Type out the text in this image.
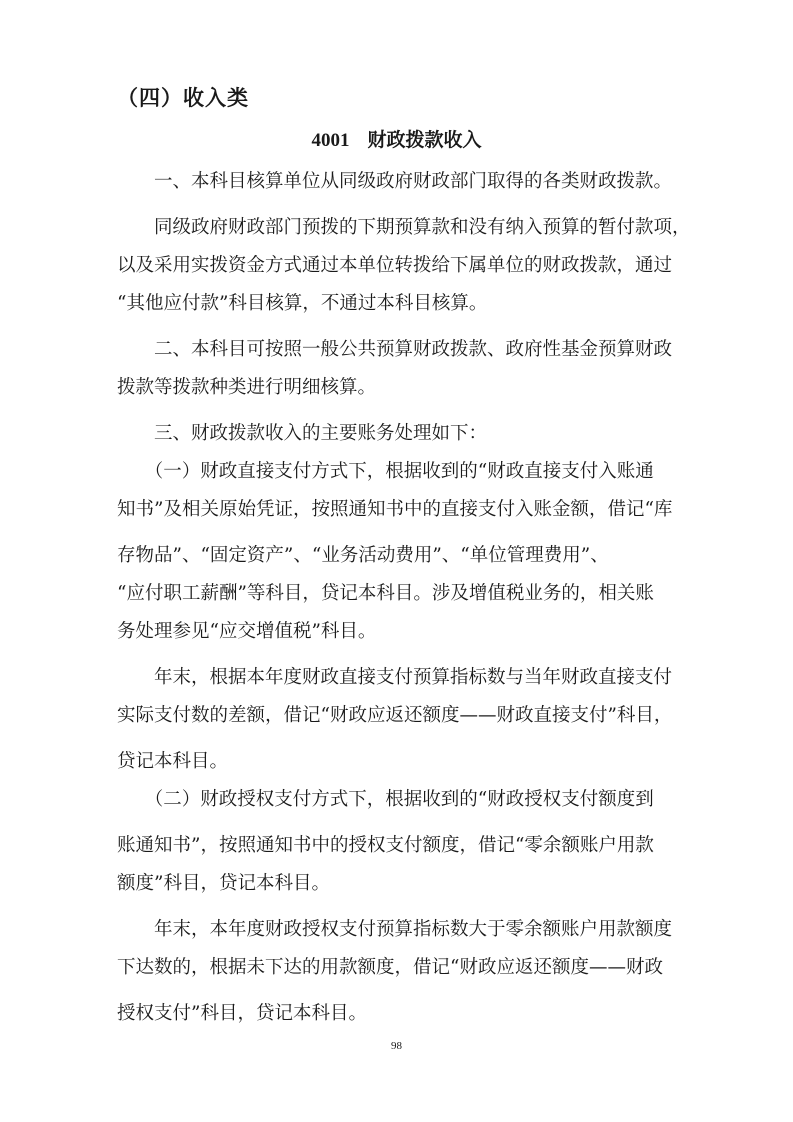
（四）收入类
4001 财政拨款收入
　　一、本科目核算单位从同级政府财政部门取得的各类财政拨款。
　　同级政府财政部门预拨的下期预算款和没有纳入预算的暂付款项，
以及采用实拨资金方式通过本单位转拨给下属单位的财政拨款，通过
“其他应付款”科目核算，不通过本科目核算。
　　二、本科目可按照一般公共预算财政拨款、政府性基金预算财政
拨款等拨款种类进行明细核算。
　　三、财政拨款收入的主要账务处理如下：
　　（一）财政直接支付方式下，根据收到的“财政直接支付入账通
知书”及相关原始凭证，按照通知书中的直接支付入账金额，借记“库
存物品”、“固定资产”、“业务活动费用”、“单位管理费用”、
“应付职工薪酬”等科目，贷记本科目。涉及增值税业务的，相关账
务处理参见“应交增值税”科目。
　　年末，根据本年度财政直接支付预算指标数与当年财政直接支付
实际支付数的差额，借记“财政应返还额度——财政直接支付”科目，
贷记本科目。
　　（二）财政授权支付方式下，根据收到的“财政授权支付额度到
账通知书”，按照通知书中的授权支付额度，借记“零余额账户用款
额度”科目，贷记本科目。
　　年末，本年度财政授权支付预算指标数大于零余额账户用款额度
下达数的，根据未下达的用款额度，借记“财政应返还额度——财政
授权支付”科目，贷记本科目。
98
